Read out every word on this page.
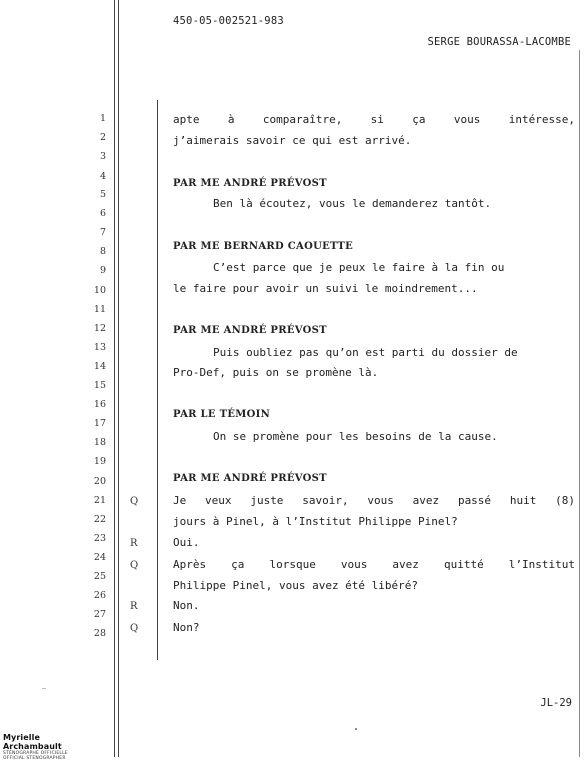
450-05-002521-983
SERGE BOURASSA-LACOMBE
1
2
3
4
5
6
7
8
9
10
11
12
13
14
15
16
17
18
19
20
21
22
23
24
25
26
27
28
Q
R
Q
R
Q
apte à comparaître, si ça vous intéresse,
j’aimerais savoir ce qui est arrivé.
PAR ME ANDRÉ PRÉVOST
Ben là écoutez, vous le demanderez tantôt.
PAR ME BERNARD CAOUETTE
C’est parce que je peux le faire à la fin ou
le faire pour avoir un suivi le moindrement...
PAR ME ANDRÉ PRÉVOST
Puis oubliez pas qu’on est parti du dossier de
Pro-Def, puis on se promène là.
PAR LE TÉMOIN
On se promène pour les besoins de la cause.
PAR ME ANDRÉ PRÉVOST
Je veux juste savoir, vous avez passé huit (8)
jours à Pinel, à l’Institut Philippe Pinel?
Oui.
Après ça lorsque vous avez quitté l’Institut
Philippe Pinel, vous avez été libéré?
Non.
Non?
JL-29
Myrielle Archambault
STÉNOGRAPHE OFFICIELLE
OFFICIAL STENOGRAPHER
